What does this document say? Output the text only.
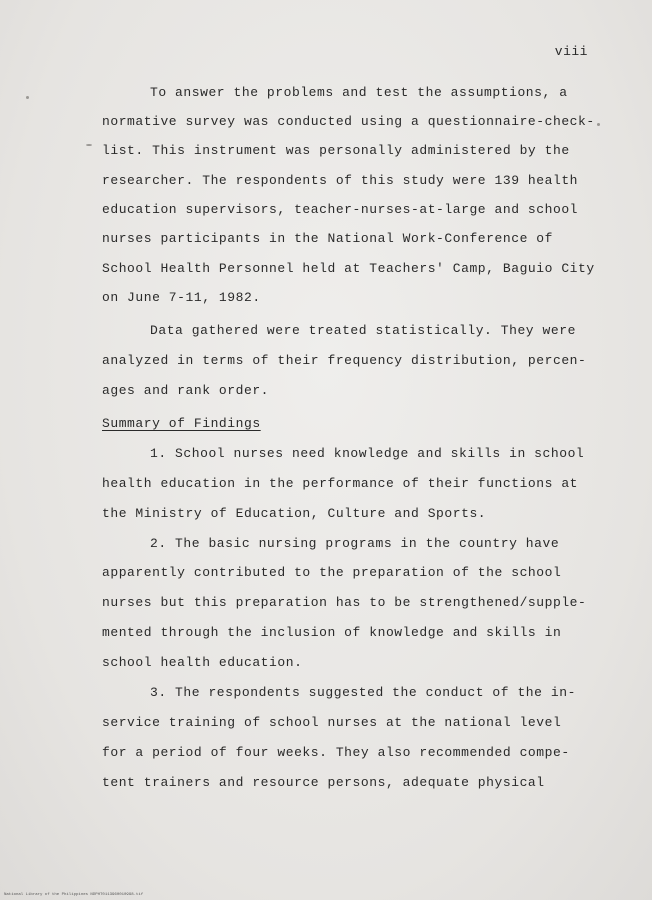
viii
To answer the problems and test the assumptions, a
normative survey was conducted using a questionnaire-check-
list. This instrument was personally administered by the
researcher. The respondents of this study were 139 health
education supervisors, teacher-nurses-at-large and school
nurses participants in the National Work-Conference of
School Health Personnel held at Teachers' Camp, Baguio City
on June 7-11, 1982.
Data gathered were treated statistically. They were
analyzed in terms of their frequency distribution, percen-
ages and rank order.
Summary of Findings
1. School nurses need knowledge and skills in school
health education in the performance of their functions at
the Ministry of Education, Culture and Sports.
2. The basic nursing programs in the country have
apparently contributed to the preparation of the school
nurses but this preparation has to be strengthened/supple-
mented through the inclusion of knowledge and skills in
school health education.
3. The respondents suggested the conduct of the in-
service training of school nurses at the national level
for a period of four weeks. They also recommended compe-
tent trainers and resource persons, adequate physical
National Library of the Philippines NDPHT0113960010998.tif
